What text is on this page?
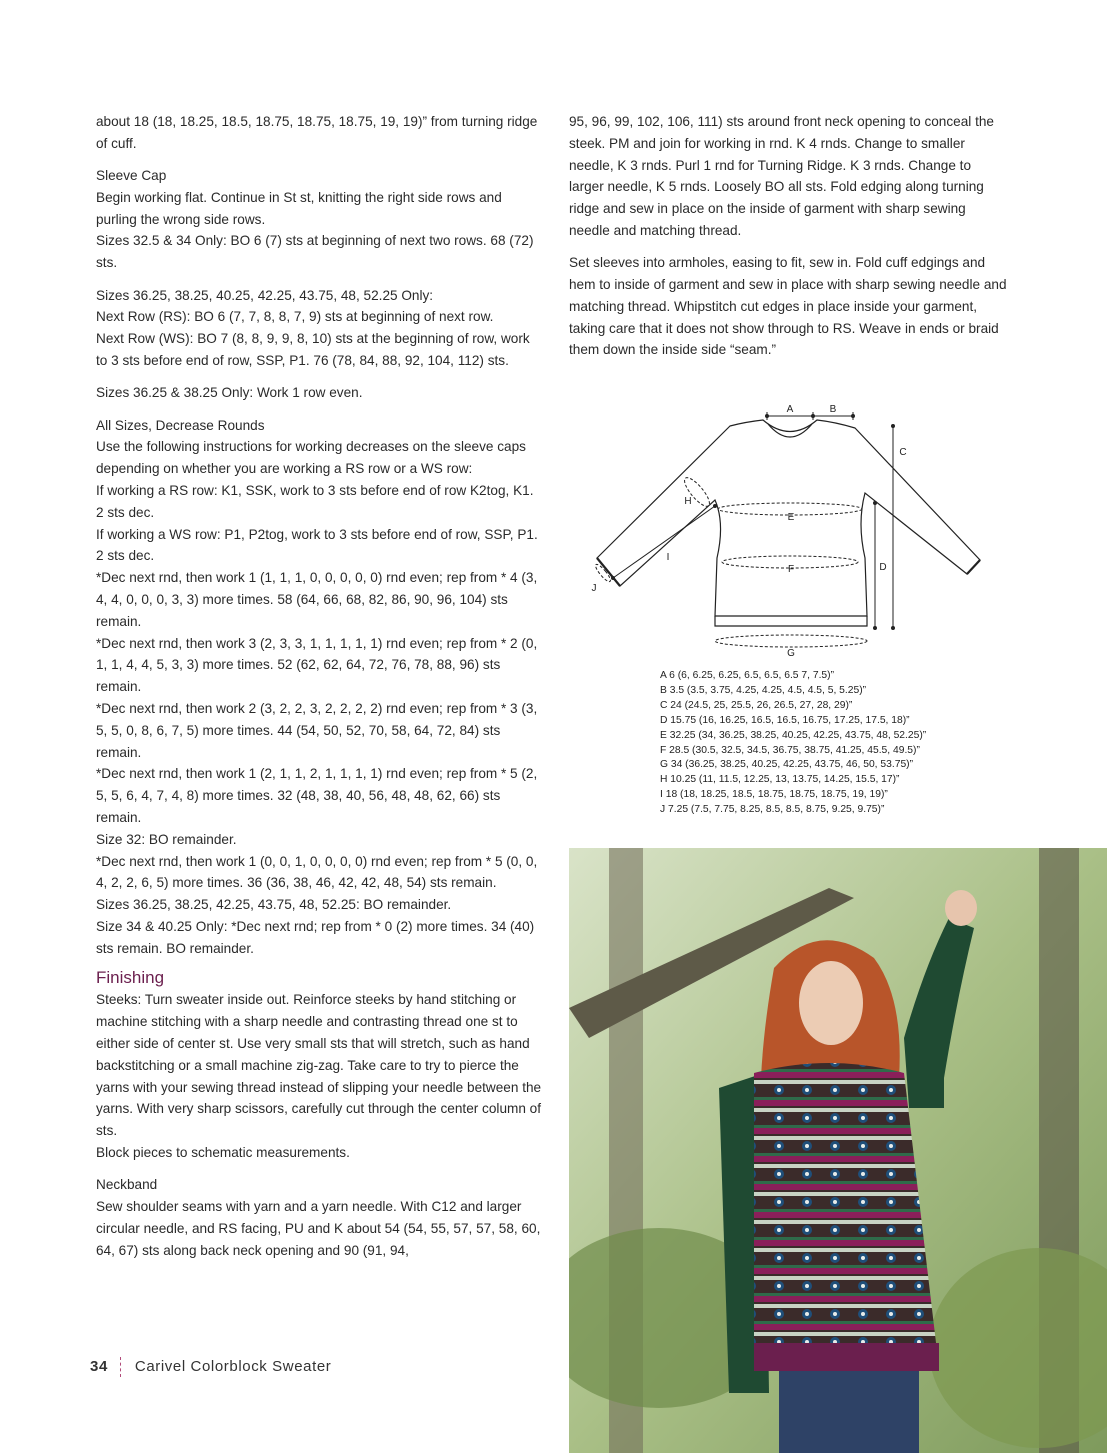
about 18 (18, 18.25, 18.5, 18.75, 18.75, 18.75, 19, 19)” from turning ridge of cuff.

Sleeve Cap
Begin working flat. Continue in St st, knitting the right side rows and purling the wrong side rows.
Sizes 32.5 & 34 Only: BO 6 (7) sts at beginning of next two rows. 68 (72) sts.

Sizes 36.25, 38.25, 40.25, 42.25, 43.75, 48, 52.25 Only:
Next Row (RS): BO 6 (7, 7, 8, 8, 7, 9) sts at beginning of next row.
Next Row (WS): BO 7 (8, 8, 9, 9, 8, 10) sts at the beginning of row, work to 3 sts before end of row, SSP, P1. 76 (78, 84, 88, 92, 104, 112) sts.

Sizes 36.25 & 38.25 Only: Work 1 row even.

All Sizes, Decrease Rounds
Use the following instructions for working decreases on the sleeve caps depending on whether you are working a RS row or a WS row:
If working a RS row: K1, SSK, work to 3 sts before end of row K2tog, K1. 2 sts dec.
If working a WS row: P1, P2tog, work to 3 sts before end of row, SSP, P1. 2 sts dec.
*Dec next rnd, then work 1 (1, 1, 1, 0, 0, 0, 0, 0) rnd even; rep from * 4 (3, 4, 4, 0, 0, 0, 3, 3) more times. 58 (64, 66, 68, 82, 86, 90, 96, 104) sts remain.
*Dec next rnd, then work 3 (2, 3, 3, 1, 1, 1, 1, 1) rnd even; rep from * 2 (0, 1, 1, 4, 4, 5, 3, 3) more times. 52 (62, 62, 64, 72, 76, 78, 88, 96) sts remain.
*Dec next rnd, then work 2 (3, 2, 2, 3, 2, 2, 2, 2) rnd even; rep from * 3 (3, 5, 5, 0, 8, 6, 7, 5) more times. 44 (54, 50, 52, 70, 58, 64, 72, 84) sts remain.
*Dec next rnd, then work 1 (2, 1, 1, 2, 1, 1, 1, 1) rnd even; rep from * 5 (2, 5, 5, 6, 4, 7, 4, 8) more times. 32 (48, 38, 40, 56, 48, 48, 62, 66) sts remain.
Size 32: BO remainder.
*Dec next rnd, then work 1 (0, 0, 1, 0, 0, 0, 0) rnd even; rep from * 5 (0, 0, 4, 2, 2, 6, 5) more times. 36 (36, 38, 46, 42, 42, 48, 54) sts remain.
Sizes 36.25, 38.25, 42.25, 43.75, 48, 52.25: BO remainder.
Size 34 & 40.25 Only: *Dec next rnd; rep from * 0 (2) more times. 34 (40) sts remain. BO remainder.

Finishing
Steeks: Turn sweater inside out. Reinforce steeks by hand stitching or machine stitching with a sharp needle and contrasting thread one st to either side of center st. Use very small sts that will stretch, such as hand backstitching or a small machine zig-zag. Take care to try to pierce the yarns with your sewing thread instead of slipping your needle between the yarns. With very sharp scissors, carefully cut through the center column of sts.
Block pieces to schematic measurements.

Neckband
Sew shoulder seams with yarn and a yarn needle. With C12 and larger circular needle, and RS facing, PU and K about 54 (54, 55, 57, 57, 58, 60, 64, 67) sts along back neck opening and 90 (91, 94,

95, 96, 99, 102, 106, 111) sts around front neck opening to conceal the steek. PM and join for working in rnd. K 4 rnds. Change to smaller needle, K 3 rnds. Purl 1 rnd for Turning Ridge. K 3 rnds. Change to larger needle, K 5 rnds. Loosely BO all sts. Fold edging along turning ridge and sew in place on the inside of garment with sharp sewing needle and matching thread.

Set sleeves into armholes, easing to fit, sew in. Fold cuff edgings and hem to inside of garment and sew in place with sharp sewing needle and matching thread. Whipstitch cut edges in place inside your garment, taking care that it does not show through to RS. Weave in ends or braid them down the inside side “seam.”

A	B
C
D
E
F
G
H
I
J
A 6 (6, 6.25, 6.25, 6.5, 6.5, 6.5 7, 7.5)”
B 3.5 (3.5, 3.75, 4.25, 4.25, 4.5, 4.5, 5, 5.25)”
C 24 (24.5, 25, 25.5, 26, 26.5, 27, 28, 29)”
D 15.75 (16, 16.25, 16.5, 16.5, 16.75, 17.25, 17.5, 18)”
E 32.25 (34, 36.25, 38.25, 40.25, 42.25, 43.75, 48, 52.25)”
F 28.5 (30.5, 32.5, 34.5, 36.75, 38.75, 41.25, 45.5, 49.5)”
G 34 (36.25, 38.25, 40.25, 42.25, 43.75, 46, 50, 53.75)”
H 10.25 (11, 11.5, 12.25, 13, 13.75, 14.25, 15.5, 17)”
I 18 (18, 18.25, 18.5, 18.75, 18.75, 18.75, 19, 19)”
J 7.25 (7.5, 7.75, 8.25, 8.5, 8.5, 8.75, 9.25, 9.75)”
34 Carivel Colorblock Sweater
